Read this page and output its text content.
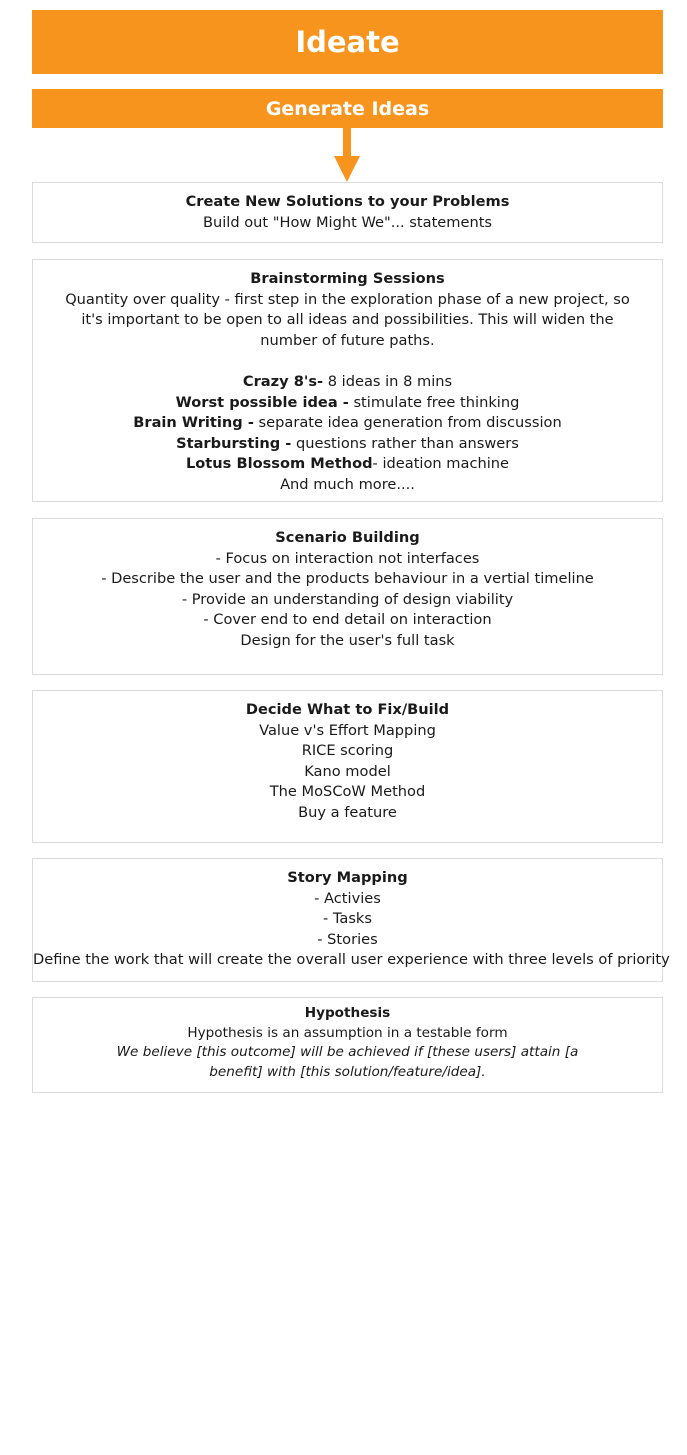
Ideate
Generate Ideas
Create New Solutions to your Problems
Build out "How Might We"... statements
Brainstorming Sessions
Quantity over quality - first step in the exploration phase of a new project, so it's important to be open to all ideas and possibilities. This will widen the number of future paths.
Crazy 8's- 8 ideas in 8 mins
Worst possible idea - stimulate free thinking
Brain Writing - separate idea generation from discussion
Starbursting - questions rather than answers
Lotus Blossom Method- ideation machine
And much more....
Scenario Building
- Focus on interaction not interfaces
- Describe the user and the products behaviour in a vertial timeline
- Provide an understanding of design viability
- Cover end to end detail on interaction
Design for the user's full task
Decide What to Fix/Build
Value v's Effort Mapping
RICE scoring
Kano model
The MoSCoW Method
Buy a feature
Story Mapping
- Activies
- Tasks
- Stories
Define the work that will create the overall user experience with three levels of priority
Hypothesis
Hypothesis is an assumption in a testable form
We believe [this outcome] will be achieved if [these users] attain [a benefit] with [this solution/feature/idea].
